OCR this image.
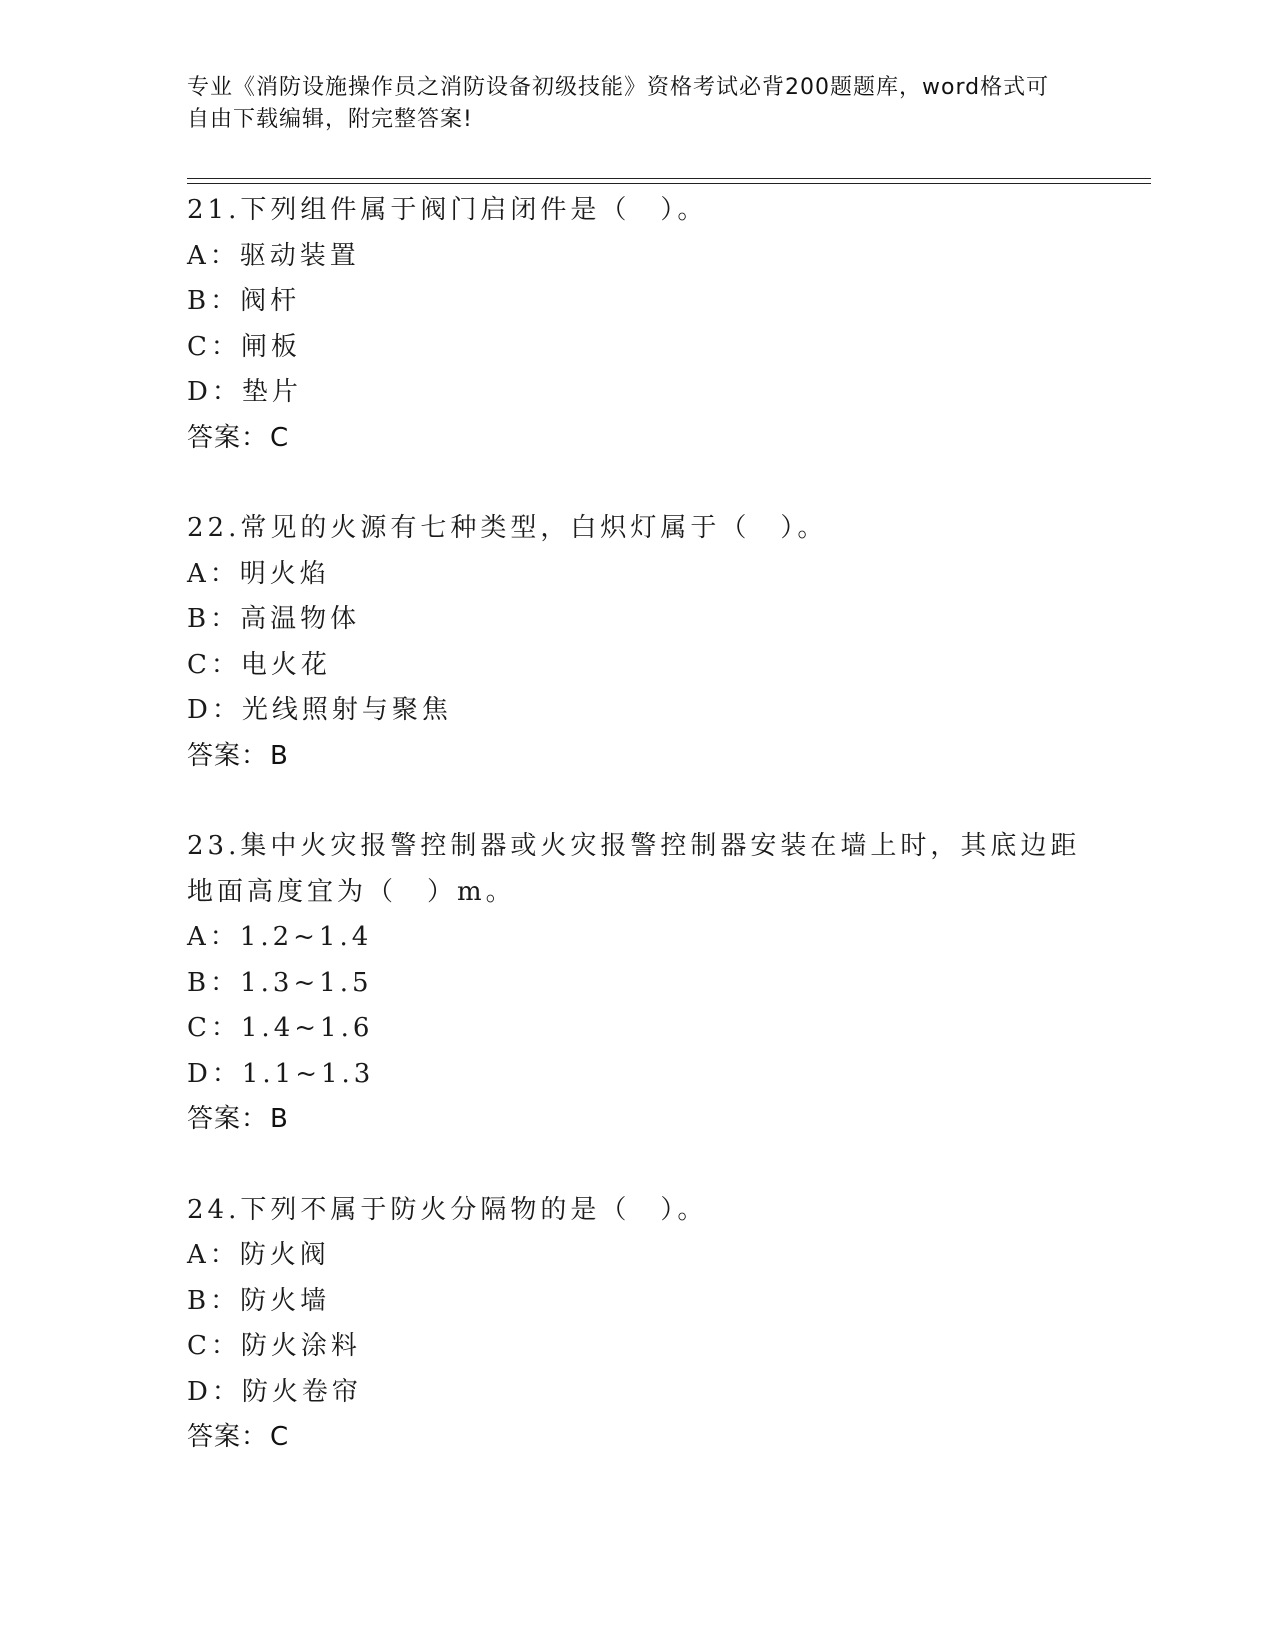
专业《消防设施操作员之消防设备初级技能》资格考试必背200题题库，word格式可自由下载编辑，附完整答案!

21.下列组件属于阀门启闭件是（　）。

A：驱动装置

B：阀杆

C：闸板

D：垫片

答案：C

22.常见的火源有七种类型，白炽灯属于（　）。

A：明火焰

B：高温物体

C：电火花

D：光线照射与聚焦

答案：B

23.集中火灾报警控制器或火灾报警控制器安装在墙上时，其底边距地面高度宜为（　）m。

A：1.2~1.4

B：1.3~1.5

C：1.4~1.6

D：1.1~1.3

答案：B

24.下列不属于防火分隔物的是（　）。

A：防火阀

B：防火墙

C：防火涂料

D：防火卷帘

答案：C
